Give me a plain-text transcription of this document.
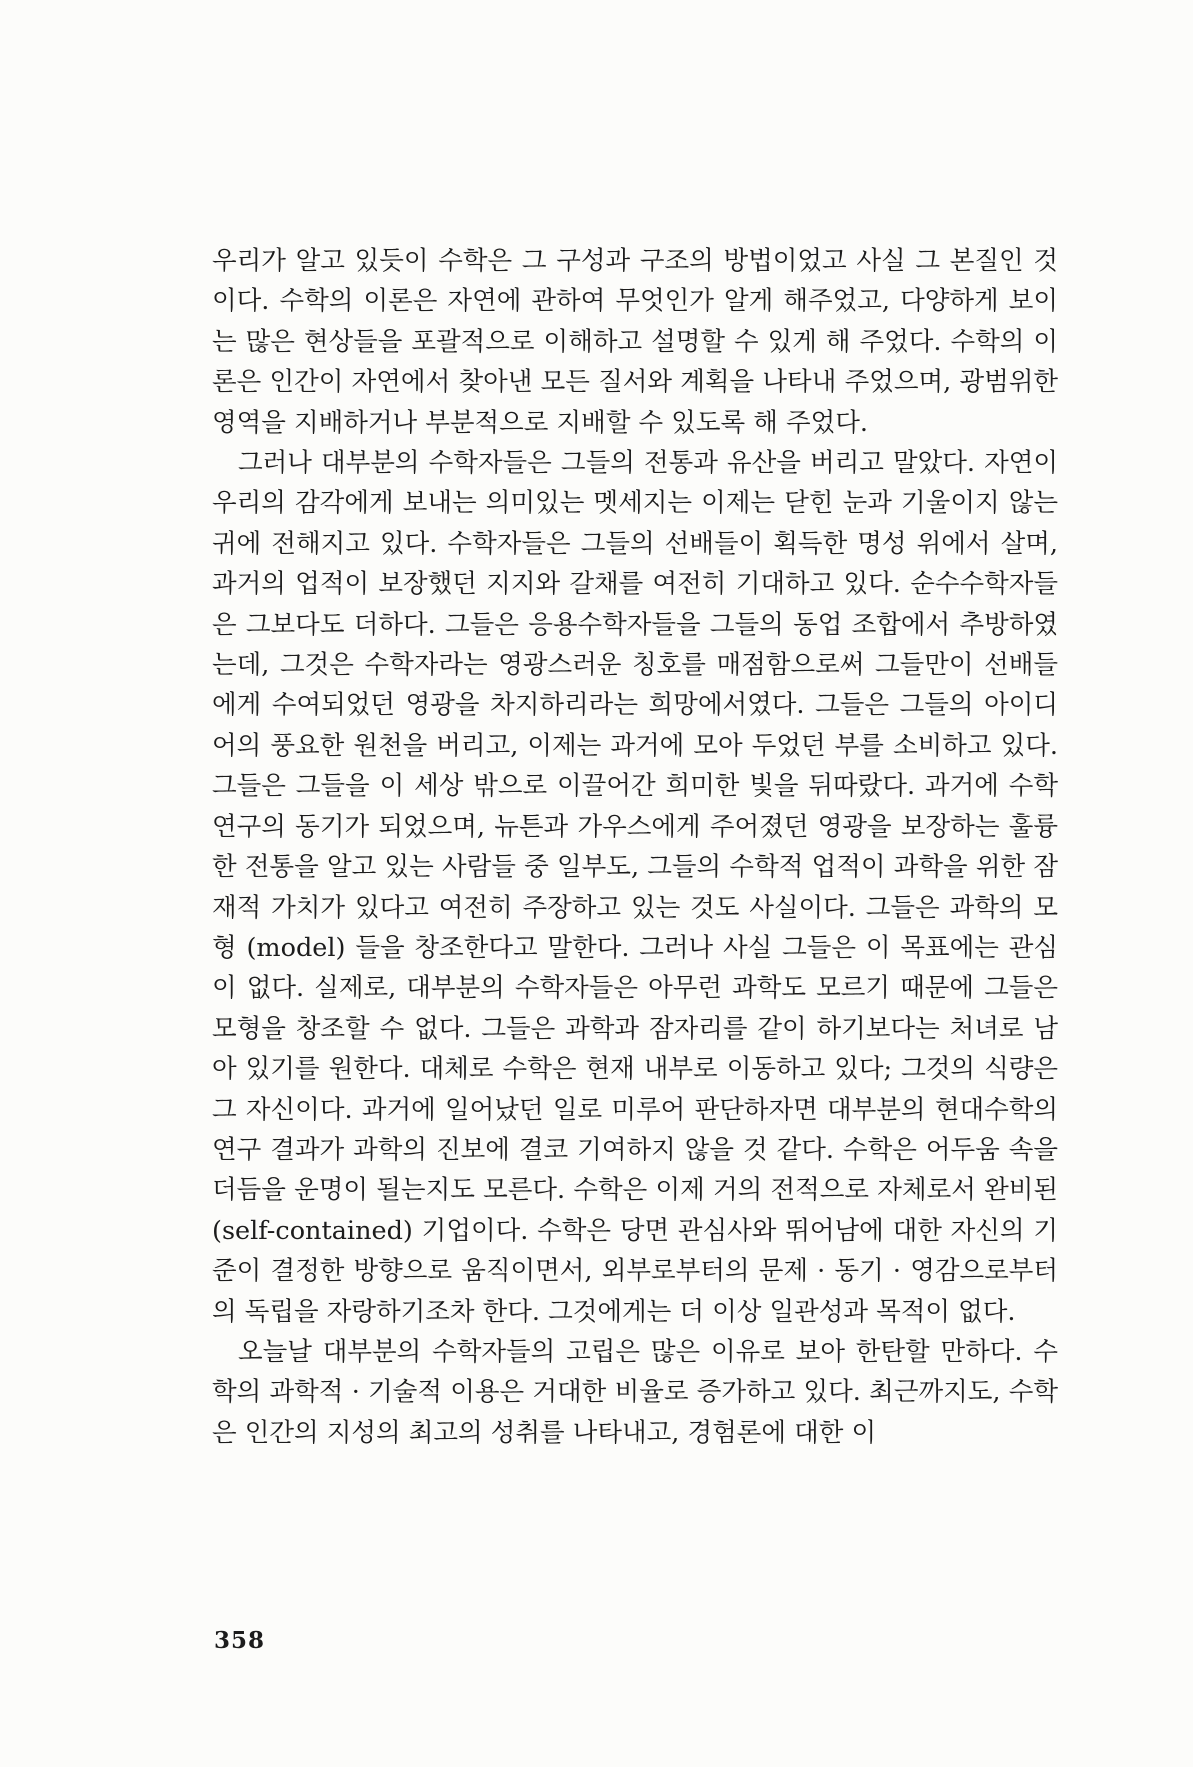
우리가 알고 있듯이 수학은 그 구성과 구조의 방법이었고 사실 그 본질인 것이다. 수학의 이론은 자연에 관하여 무엇인가 알게 해주었고, 다양하게 보이는 많은 현상들을 포괄적으로 이해하고 설명할 수 있게 해 주었다. 수학의 이론은 인간이 자연에서 찾아낸 모든 질서와 계획을 나타내 주었으며, 광범위한 영역을 지배하거나 부분적으로 지배할 수 있도록 해 주었다.

그러나 대부분의 수학자들은 그들의 전통과 유산을 버리고 말았다. 자연이 우리의 감각에게 보내는 의미있는 멧세지는 이제는 닫힌 눈과 기울이지 않는 귀에 전해지고 있다. 수학자들은 그들의 선배들이 획득한 명성 위에서 살며, 과거의 업적이 보장했던 지지와 갈채를 여전히 기대하고 있다. 순수수학자들은 그보다도 더하다. 그들은 응용수학자들을 그들의 동업 조합에서 추방하였는데, 그것은 수학자라는 영광스러운 칭호를 매점함으로써 그들만이 선배들에게 수여되었던 영광을 차지하리라는 희망에서였다. 그들은 그들의 아이디어의 풍요한 원천을 버리고, 이제는 과거에 모아 두었던 부를 소비하고 있다. 그들은 그들을 이 세상 밖으로 이끌어간 희미한 빛을 뒤따랐다. 과거에 수학 연구의 동기가 되었으며, 뉴튼과 가우스에게 주어졌던 영광을 보장하는 훌륭한 전통을 알고 있는 사람들 중 일부도, 그들의 수학적 업적이 과학을 위한 잠재적 가치가 있다고 여전히 주장하고 있는 것도 사실이다. 그들은 과학의 모형 (model) 들을 창조한다고 말한다. 그러나 사실 그들은 이 목표에는 관심이 없다. 실제로, 대부분의 수학자들은 아무런 과학도 모르기 때문에 그들은 모형을 창조할 수 없다. 그들은 과학과 잠자리를 같이 하기보다는 처녀로 남아 있기를 원한다. 대체로 수학은 현재 내부로 이동하고 있다; 그것의 식량은 그 자신이다. 과거에 일어났던 일로 미루어 판단하자면 대부분의 현대수학의 연구 결과가 과학의 진보에 결코 기여하지 않을 것 같다. 수학은 어두움 속을 더듬을 운명이 될는지도 모른다. 수학은 이제 거의 전적으로 자체로서 완비된(self-contained) 기업이다. 수학은 당면 관심사와 뛰어남에 대한 자신의 기준이 결정한 방향으로 움직이면서, 외부로부터의 문제 · 동기 · 영감으로부터의 독립을 자랑하기조차 한다. 그것에게는 더 이상 일관성과 목적이 없다.

오늘날 대부분의 수학자들의 고립은 많은 이유로 보아 한탄할 만하다. 수학의 과학적 · 기술적 이용은 거대한 비율로 증가하고 있다. 최근까지도, 수학은 인간의 지성의 최고의 성취를 나타내고, 경험론에 대한 이

358
